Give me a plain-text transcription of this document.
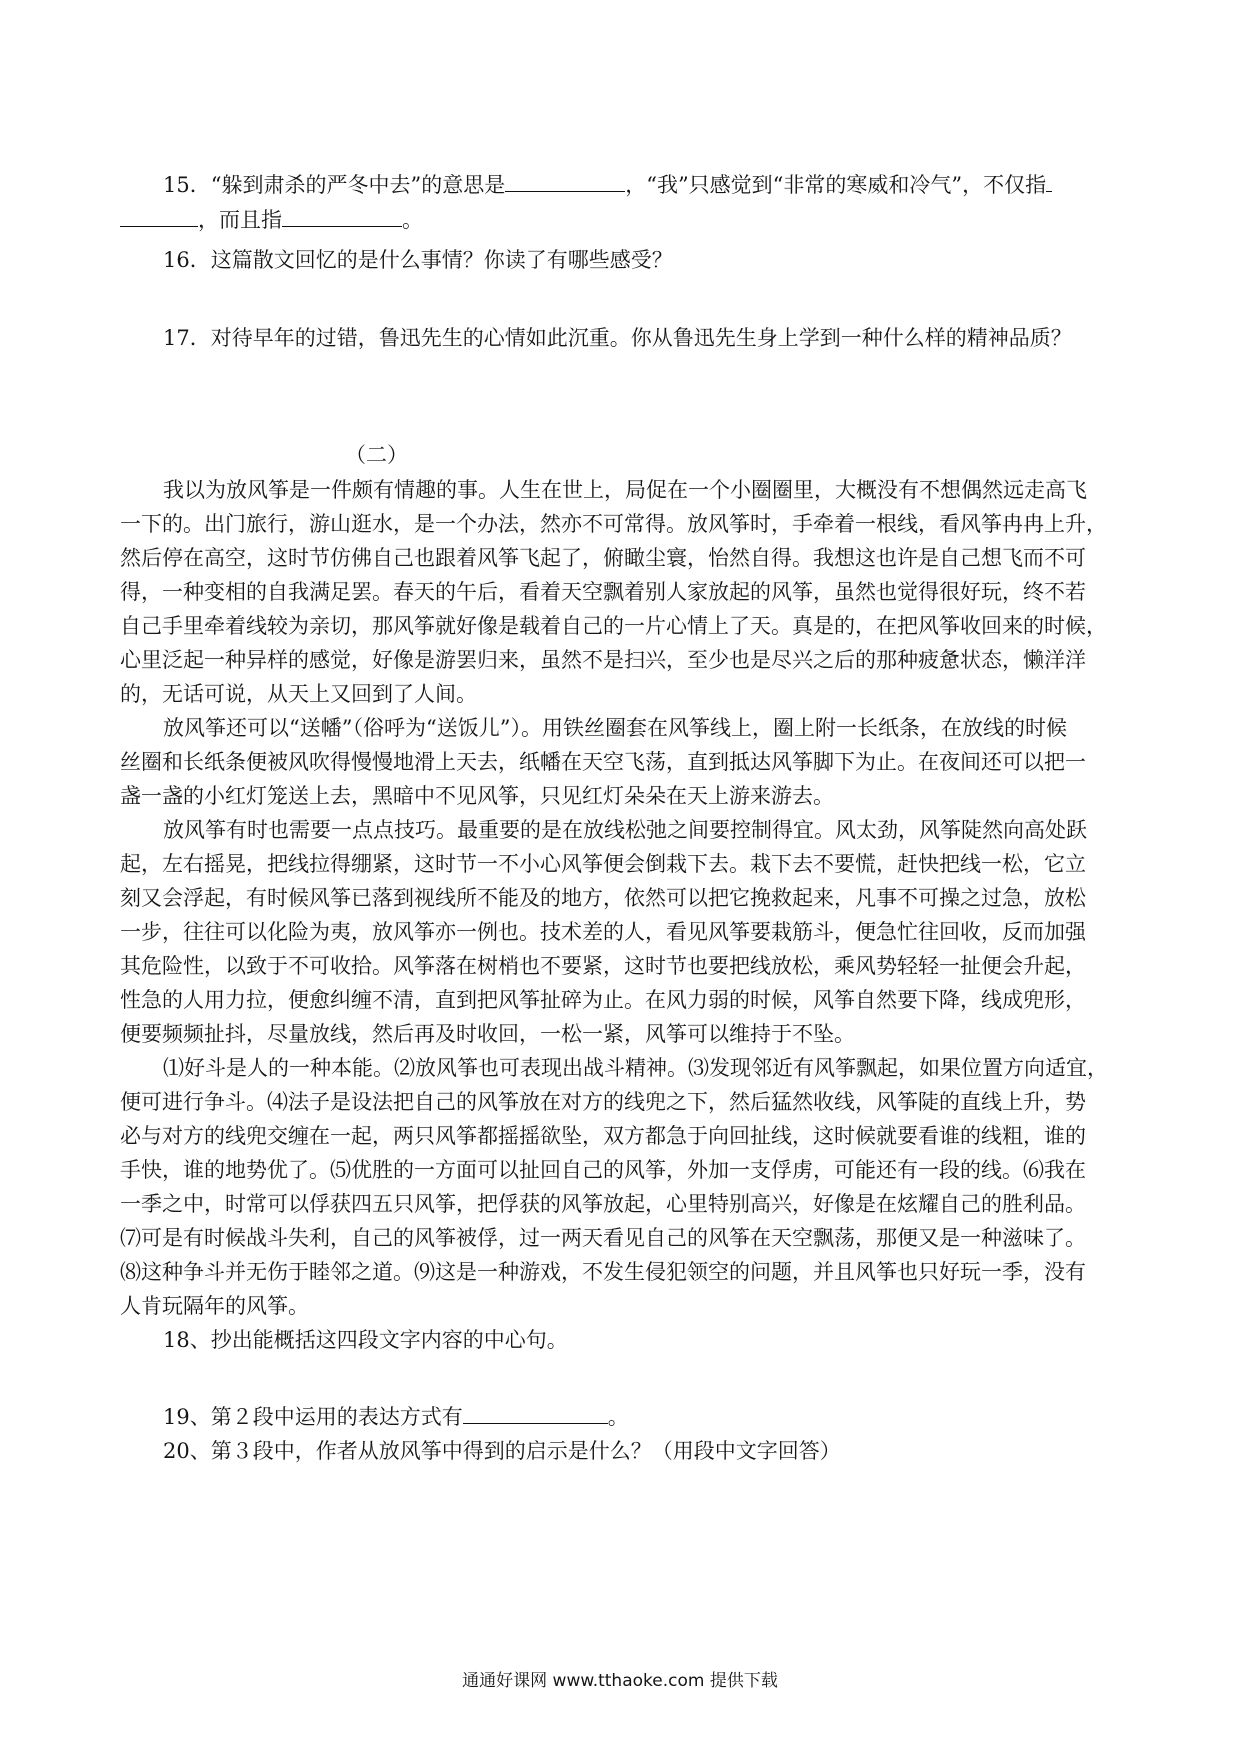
15．“躲到肃杀的严冬中去”的意思是	，“我”只感觉到“非常的寒威和冷气”，不仅指
，而且指	。
16．这篇散文回忆的是什么事情？你读了有哪些感受？
17．对待早年的过错，鲁迅先生的心情如此沉重。你从鲁迅先生身上学到一种什么样的精神品质？
（二）
我以为放风筝是一件颇有情趣的事。人生在世上，局促在一个小圈圈里，大概没有不想偶然远走高飞
一下的。出门旅行，游山逛水，是一个办法，然亦不可常得。放风筝时，手牵着一根线，看风筝冉冉上升，
然后停在高空，这时节仿佛自己也跟着风筝飞起了，俯瞰尘寰，怡然自得。我想这也许是自己想飞而不可
得，一种变相的自我满足罢。春天的午后，看着天空飘着别人家放起的风筝，虽然也觉得很好玩，终不若
自己手里牵着线较为亲切，那风筝就好像是载着自己的一片心情上了天。真是的，在把风筝收回来的时候，
心里泛起一种异样的感觉，好像是游罢归来，虽然不是扫兴，至少也是尽兴之后的那种疲惫状态，懒洋洋
的，无话可说，从天上又回到了人间。
放风筝还可以“送幡”（俗呼为“送饭儿”）。用铁丝圈套在风筝线上，圈上附一长纸条，在放线的时候
丝圈和长纸条便被风吹得慢慢地滑上天去，纸幡在天空飞荡，直到抵达风筝脚下为止。在夜间还可以把一
盏一盏的小红灯笼送上去，黑暗中不见风筝，只见红灯朵朵在天上游来游去。
放风筝有时也需要一点点技巧。最重要的是在放线松弛之间要控制得宜。风太劲，风筝陡然向高处跃
起，左右摇晃，把线拉得绷紧，这时节一不小心风筝便会倒栽下去。栽下去不要慌，赶快把线一松，它立
刻又会浮起，有时候风筝已落到视线所不能及的地方，依然可以把它挽救起来，凡事不可操之过急，放松
一步，往往可以化险为夷，放风筝亦一例也。技术差的人，看见风筝要栽筋斗，便急忙往回收，反而加强
其危险性，以致于不可收拾。风筝落在树梢也不要紧，这时节也要把线放松，乘风势轻轻一扯便会升起，
性急的人用力拉，便愈纠缠不清，直到把风筝扯碎为止。在风力弱的时候，风筝自然要下降，线成兜形，
便要频频扯抖，尽量放线，然后再及时收回，一松一紧，风筝可以维持于不坠。
⑴好斗是人的一种本能。⑵放风筝也可表现出战斗精神。⑶发现邻近有风筝飘起，如果位置方向适宜，
便可进行争斗。⑷法子是设法把自己的风筝放在对方的线兜之下，然后猛然收线，风筝陡的直线上升，势
必与对方的线兜交缠在一起，两只风筝都摇摇欲坠，双方都急于向回扯线，这时候就要看谁的线粗，谁的
手快，谁的地势优了。⑸优胜的一方面可以扯回自己的风筝，外加一支俘虏，可能还有一段的线。⑹我在
一季之中，时常可以俘获四五只风筝，把俘获的风筝放起，心里特别高兴，好像是在炫耀自己的胜利品。
⑺可是有时候战斗失利，自己的风筝被俘，过一两天看见自己的风筝在天空飘荡，那便又是一种滋味了。
⑻这种争斗并无伤于睦邻之道。⑼这是一种游戏，不发生侵犯领空的问题，并且风筝也只好玩一季，没有
人肯玩隔年的风筝。
18、抄出能概括这四段文字内容的中心句。
19、第２段中运用的表达方式有	。
20、第３段中，作者从放风筝中得到的启示是什么？（用段中文字回答）
通通好课网 www.tthaoke.com 提供下载
